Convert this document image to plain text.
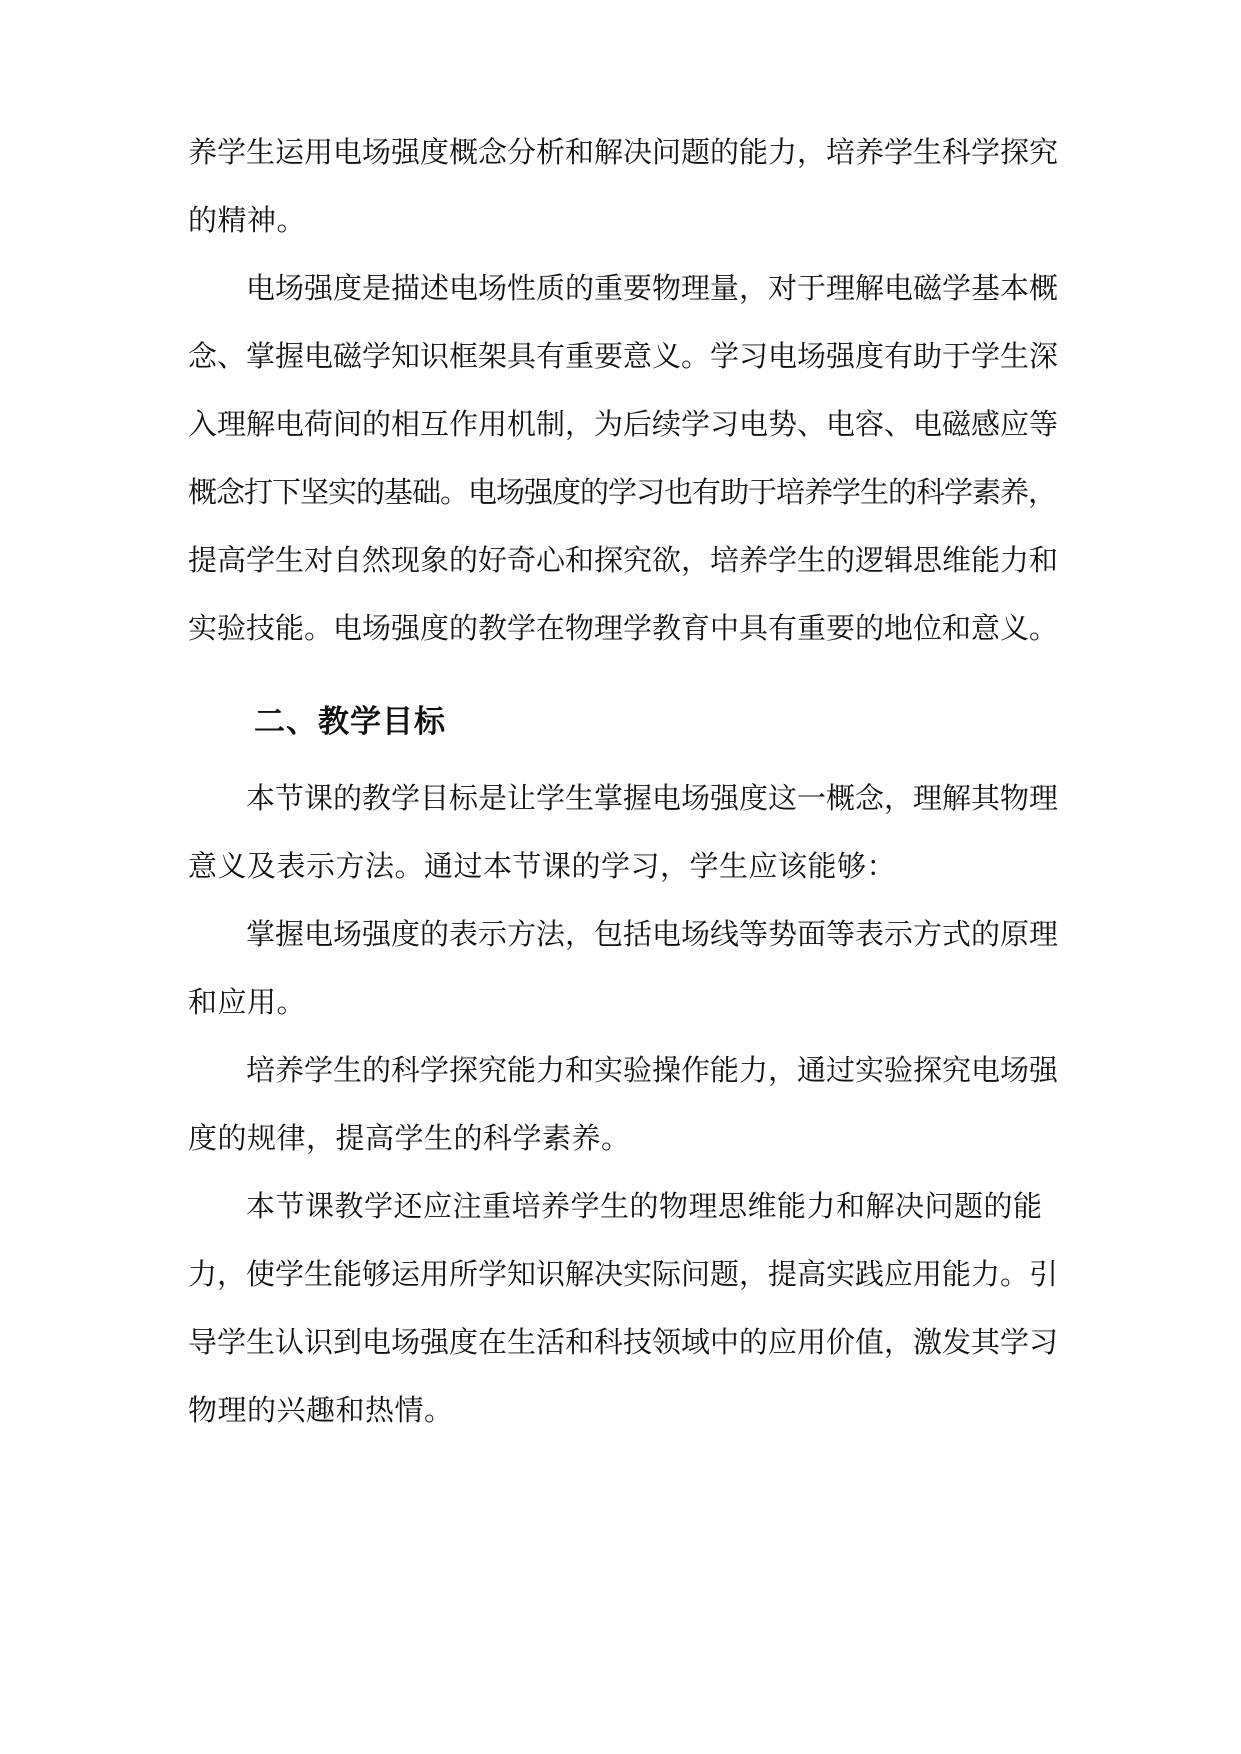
养学生运用电场强度概念分析和解决问题的能力，培养学生科学探究
的精神。
电场强度是描述电场性质的重要物理量，对于理解电磁学基本概
念、掌握电磁学知识框架具有重要意义。学习电场强度有助于学生深
入理解电荷间的相互作用机制，为后续学习电势、电容、电磁感应等
概念打下坚实的基础。电场强度的学习也有助于培养学生的科学素养，
提高学生对自然现象的好奇心和探究欲，培养学生的逻辑思维能力和
实验技能。电场强度的教学在物理学教育中具有重要的地位和意义。
二、教学目标
本节课的教学目标是让学生掌握电场强度这一概念，理解其物理
意义及表示方法。通过本节课的学习，学生应该能够：
掌握电场强度的表示方法，包括电场线等势面等表示方式的原理
和应用。
培养学生的科学探究能力和实验操作能力，通过实验探究电场强
度的规律，提高学生的科学素养。
本节课教学还应注重培养学生的物理思维能力和解决问题的能
力，使学生能够运用所学知识解决实际问题，提高实践应用能力。引
导学生认识到电场强度在生活和科技领域中的应用价值，激发其学习
物理的兴趣和热情。
